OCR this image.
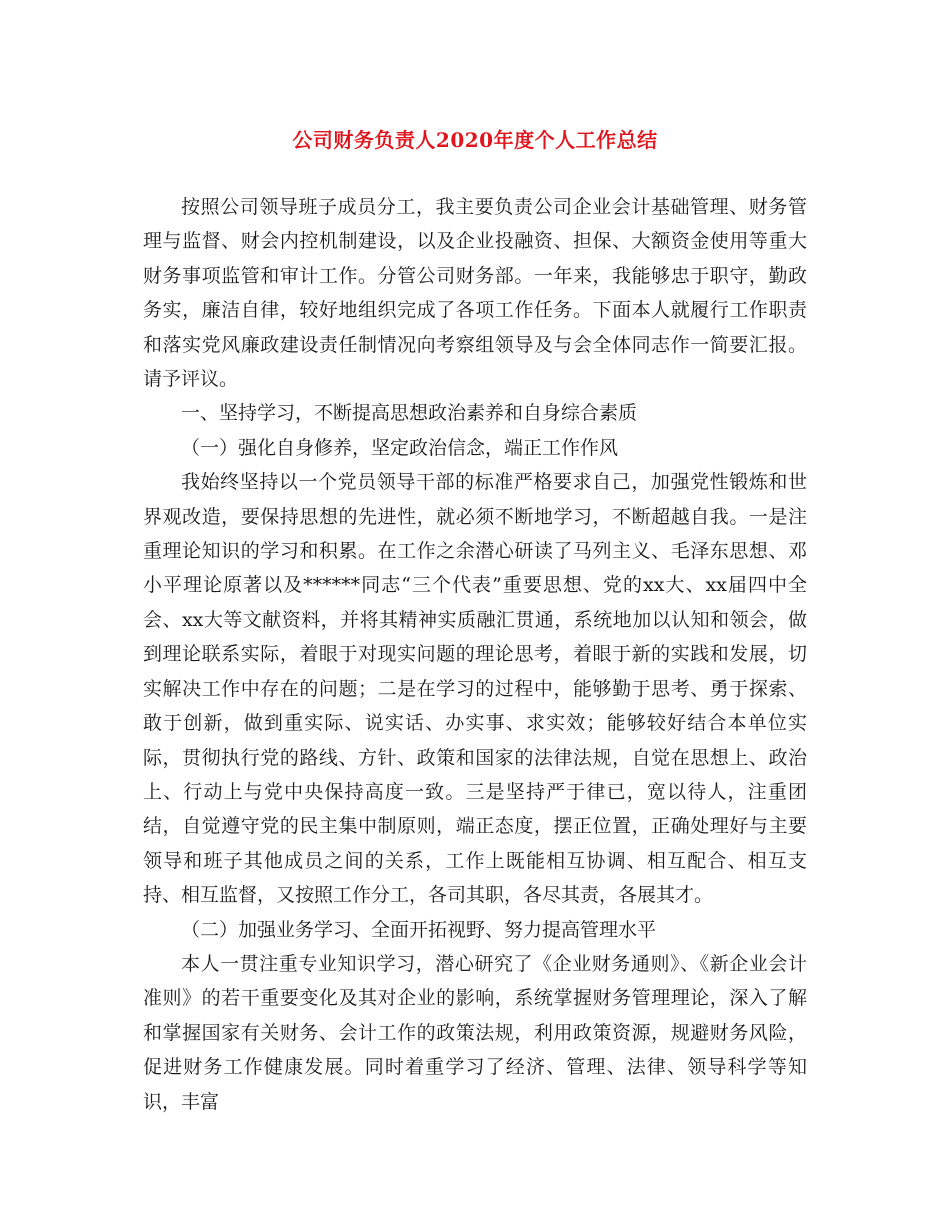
公司财务负责人2020年度个人工作总结

按照公司领导班子成员分工，我主要负责公司企业会计基础管理、财务管理与监督、财会内控机制建设，以及企业投融资、担保、大额资金使用等重大财务事项监管和审计工作。分管公司财务部。一年来，我能够忠于职守，勤政务实，廉洁自律，较好地组织完成了各项工作任务。下面本人就履行工作职责和落实党风廉政建设责任制情况向考察组领导及与会全体同志作一简要汇报。请予评议。

一、坚持学习，不断提高思想政治素养和自身综合素质

（一）强化自身修养，坚定政治信念，端正工作作风

我始终坚持以一个党员领导干部的标准严格要求自己，加强党性锻炼和世界观改造，要保持思想的先进性，就必须不断地学习，不断超越自我。一是注重理论知识的学习和积累。在工作之余潜心研读了马列主义、毛泽东思想、邓小平理论原著以及******同志“三个代表”重要思想、党的xx大、xx届四中全会、xx大等文献资料，并将其精神实质融汇贯通，系统地加以认知和领会，做到理论联系实际，着眼于对现实问题的理论思考，着眼于新的实践和发展，切实解决工作中存在的问题；二是在学习的过程中，能够勤于思考、勇于探索、敢于创新，做到重实际、说实话、办实事、求实效；能够较好结合本单位实际，贯彻执行党的路线、方针、政策和国家的法律法规，自觉在思想上、政治上、行动上与党中央保持高度一致。三是坚持严于律已，宽以待人，注重团结，自觉遵守党的民主集中制原则，端正态度，摆正位置，正确处理好与主要领导和班子其他成员之间的关系，工作上既能相互协调、相互配合、相互支持、相互监督，又按照工作分工，各司其职，各尽其责，各展其才。

（二）加强业务学习、全面开拓视野、努力提高管理水平

本人一贯注重专业知识学习，潜心研究了《企业财务通则》、《新企业会计准则》的若干重要变化及其对企业的影响，系统掌握财务管理理论，深入了解和掌握国家有关财务、会计工作的政策法规，利用政策资源，规避财务风险，促进财务工作健康发展。同时着重学习了经济、管理、法律、领导科学等知识，丰富
